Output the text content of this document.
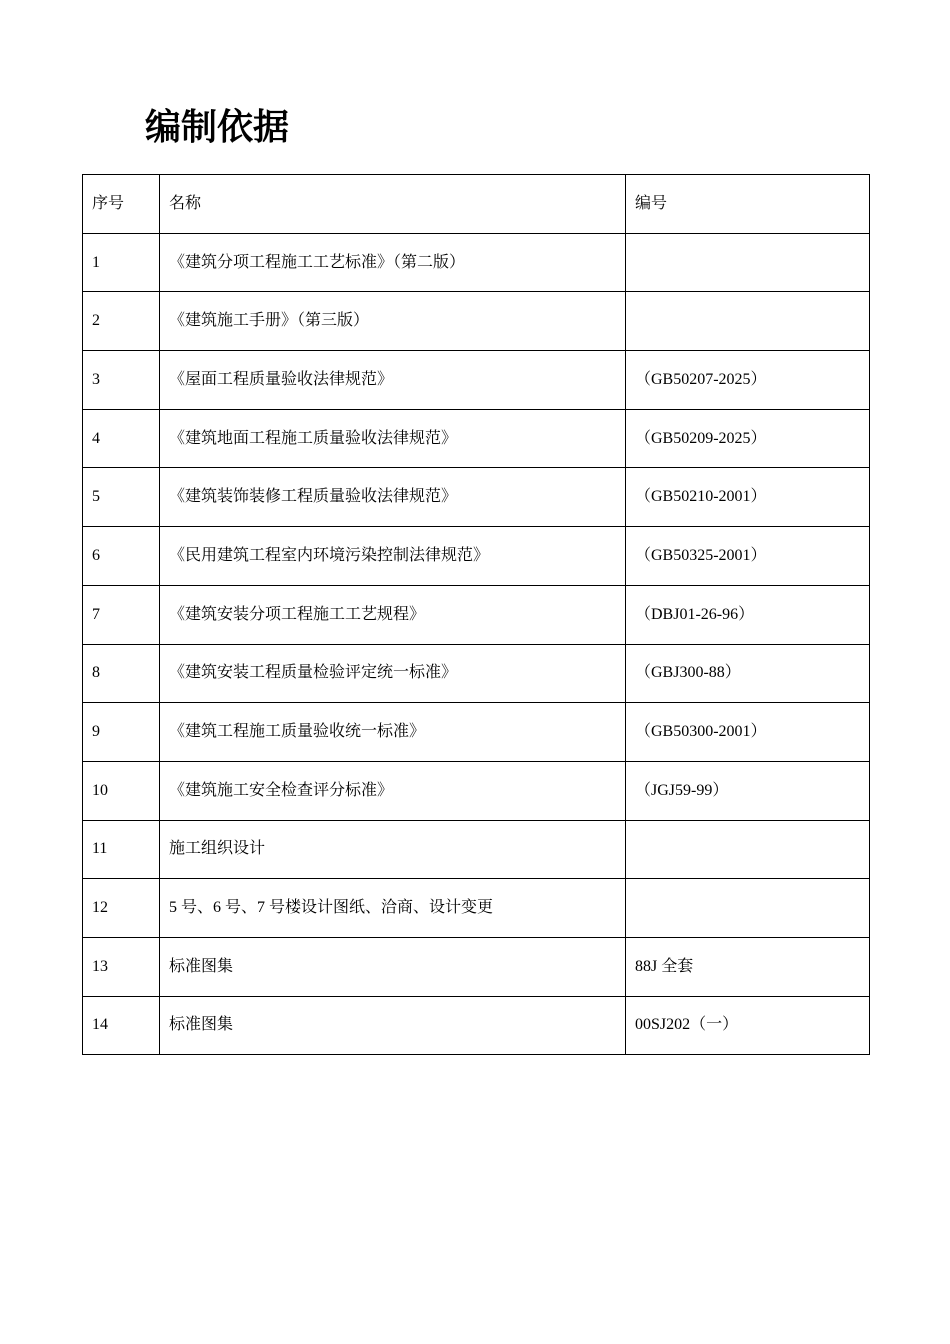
编制依据
序号	名称	编号
1	《建筑分项工程施工工艺标准》（第二版）	
2	《建筑施工手册》（第三版）	
3	《屋面工程质量验收法律规范》	（GB50207-2025）
4	《建筑地面工程施工质量验收法律规范》	（GB50209-2025）
5	《建筑装饰装修工程质量验收法律规范》	（GB50210-2001）
6	《民用建筑工程室内环境污染控制法律规范》	（GB50325-2001）
7	《建筑安装分项工程施工工艺规程》	（DBJ01-26-96）
8	《建筑安装工程质量检验评定统一标准》	（GBJ300-88）
9	《建筑工程施工质量验收统一标准》	（GB50300-2001）
10	《建筑施工安全检查评分标准》	（JGJ59-99）
11	施工组织设计	
12	5 号、6 号、7 号楼设计图纸、洽商、设计变更	
13	标准图集	88J 全套
14	标准图集	00SJ202（一）
